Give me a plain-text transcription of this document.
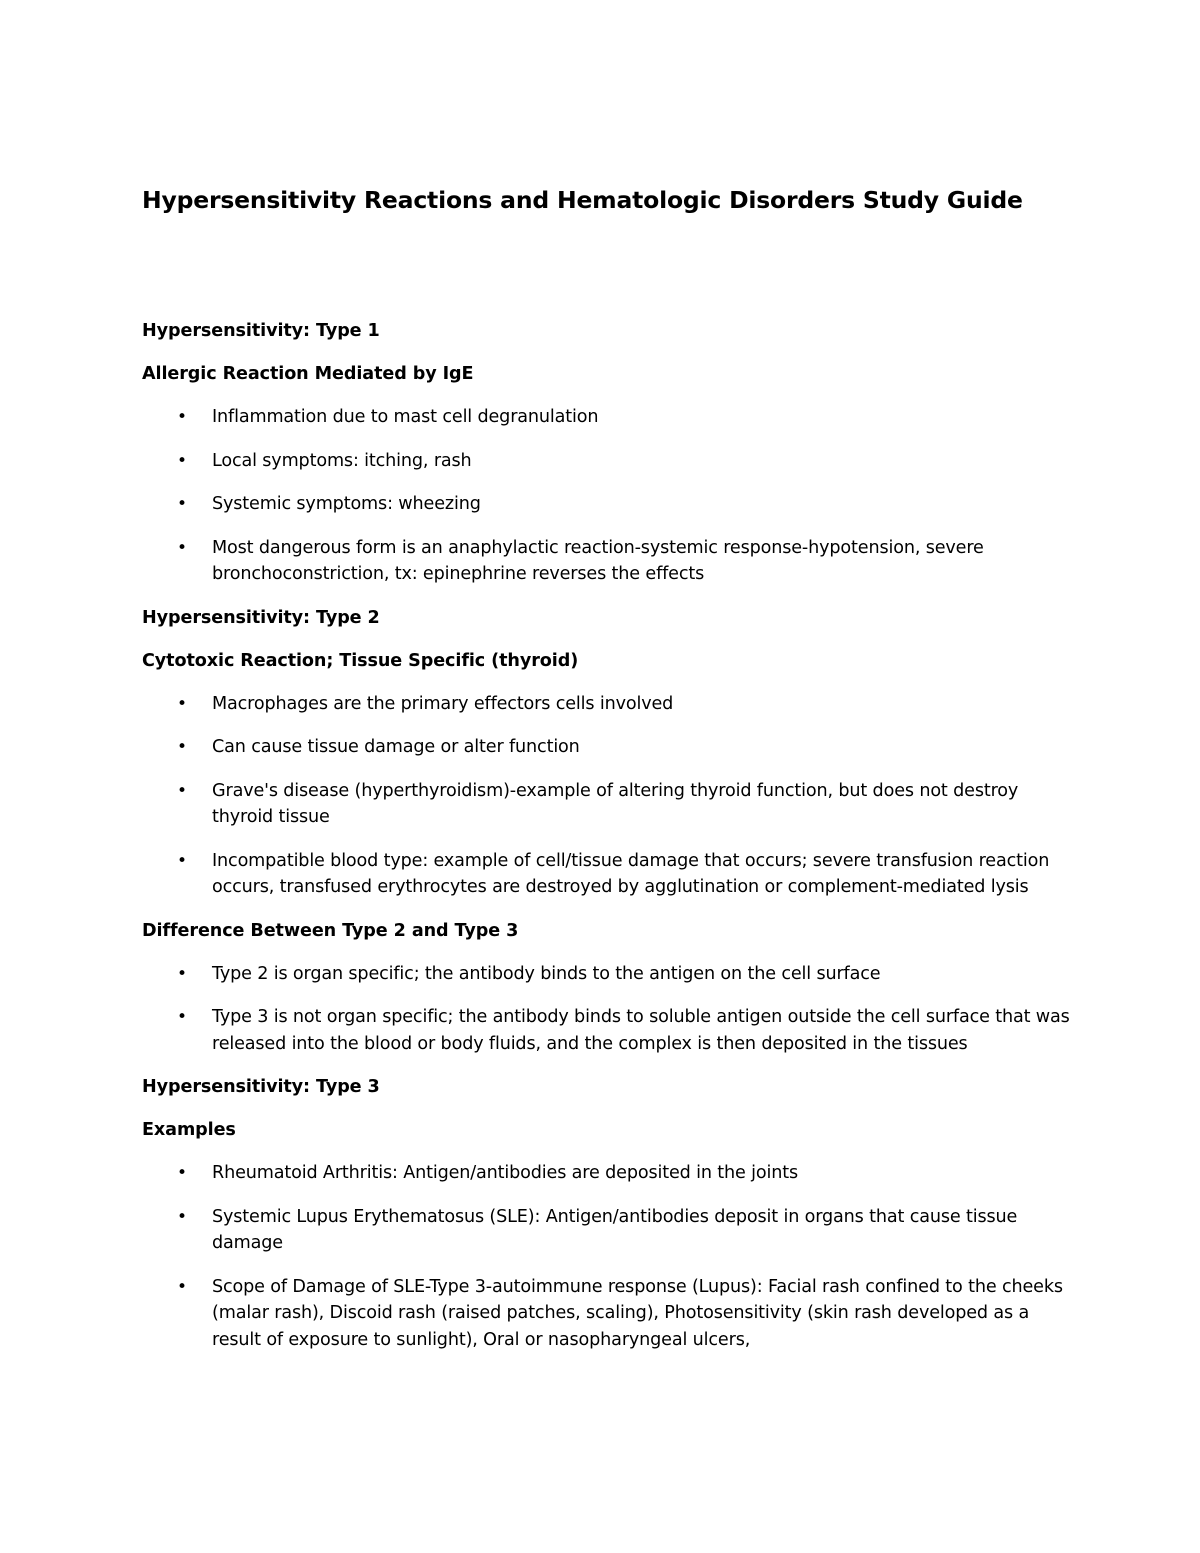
Hypersensitivity Reactions and Hematologic Disorders Study Guide
Hypersensitivity: Type 1
Allergic Reaction Mediated by IgE
• Inflammation due to mast cell degranulation
• Local symptoms: itching, rash
• Systemic symptoms: wheezing
• Most dangerous form is an anaphylactic reaction-systemic response-hypotension, severe bronchoconstriction, tx: epinephrine reverses the effects
Hypersensitivity: Type 2
Cytotoxic Reaction; Tissue Specific (thyroid)
• Macrophages are the primary effectors cells involved
• Can cause tissue damage or alter function
• Grave's disease (hyperthyroidism)-example of altering thyroid function, but does not destroy thyroid tissue
• Incompatible blood type: example of cell/tissue damage that occurs; severe transfusion reaction occurs, transfused erythrocytes are destroyed by agglutination or complement-mediated lysis
Difference Between Type 2 and Type 3
• Type 2 is organ specific; the antibody binds to the antigen on the cell surface
• Type 3 is not organ specific; the antibody binds to soluble antigen outside the cell surface that was released into the blood or body fluids, and the complex is then deposited in the tissues
Hypersensitivity: Type 3
Examples
• Rheumatoid Arthritis: Antigen/antibodies are deposited in the joints
• Systemic Lupus Erythematosus (SLE): Antigen/antibodies deposit in organs that cause tissue damage
• Scope of Damage of SLE-Type 3-autoimmune response (Lupus): Facial rash confined to the cheeks (malar rash), Discoid rash (raised patches, scaling), Photosensitivity (skin rash developed as a result of exposure to sunlight), Oral or nasopharyngeal ulcers,
